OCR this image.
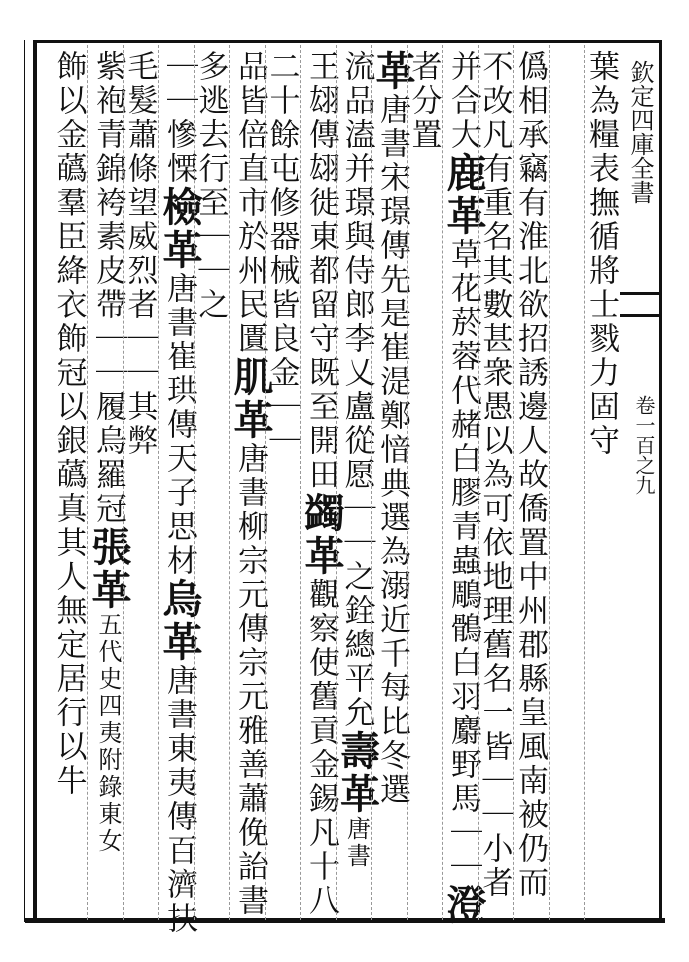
欽定四庫全書
卷一百之九
葉為糧表撫循將士戮力固守
僞相承竊有淮北欲招誘邊人故僑置中州郡縣皇風南被仍而
不改凡有重名其數甚衆愚以為可依地理舊名一皆｜｜小者
并合大鹿革草花菸蓉代赭白膠青蟲鵰鶻白羽麝野馬｜｜澄
者分置
革唐書宋璟傳先是崔湜鄭愔典選為溺近千每比冬選
流品溘并璟與侍郎李乂盧從愿｜｜之銓總平允壽革唐書
王翃傳翃徙東都留守既至開田蠲革觀察使舊貢金錫凡十八
二十餘屯修器械皆良金｜｜
品皆倍直市於州民匱肌革唐書柳宗元傳宗元雅善蕭俛詒書
多逃去行至｜｜之
｜｜慘慄檢革唐書崔珙傳天子思材烏革唐書東夷傳百濟扶
毛髮蕭條望威烈者｜｜其弊
紫袍青錦袴素皮帶｜｜履烏羅冠張革五代史四夷附錄東女
飾以金蘤羣臣絳衣飾冠以銀蘤真其人無定居行以牛
